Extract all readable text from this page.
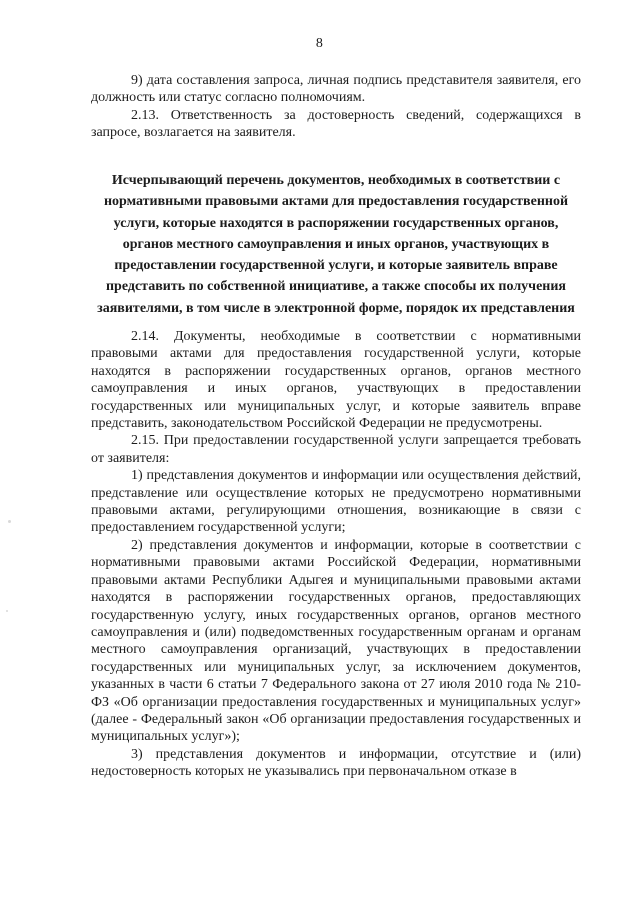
8

9) дата составления запроса, личная подпись представителя заявителя, его должность или статус согласно полномочиям.

2.13. Ответственность за достоверность сведений, содержащихся в запросе, возлагается на заявителя.

Исчерпывающий перечень документов, необходимых в соответствии с нормативными правовыми актами для предоставления государственной услуги, которые находятся в распоряжении государственных органов, органов местного самоуправления и иных органов, участвующих в предоставлении государственной услуги, и которые заявитель вправе представить по собственной инициативе, а также способы их получения заявителями, в том числе в электронной форме, порядок их представления

2.14. Документы, необходимые в соответствии с нормативными правовыми актами для предоставления государственной услуги, которые находятся в распоряжении государственных органов, органов местного самоуправления и иных органов, участвующих в предоставлении государственных или муниципальных услуг, и которые заявитель вправе представить, законодательством Российской Федерации не предусмотрены.

2.15. При предоставлении государственной услуги запрещается требовать от заявителя:

1) представления документов и информации или осуществления действий, представление или осуществление которых не предусмотрено нормативными правовыми актами, регулирующими отношения, возникающие в связи с предоставлением государственной услуги;

2) представления документов и информации, которые в соответствии с нормативными правовыми актами Российской Федерации, нормативными правовыми актами Республики Адыгея и муниципальными правовыми актами находятся в распоряжении государственных органов, предоставляющих государственную услугу, иных государственных органов, органов местного самоуправления и (или) подведомственных государственным органам и органам местного самоуправления организаций, участвующих в предоставлении государственных или муниципальных услуг, за исключением документов, указанных в части 6 статьи 7 Федерального закона от 27 июля 2010 года № 210-ФЗ «Об организации предоставления государственных и муниципальных услуг» (далее - Федеральный закон «Об организации предоставления государственных и муниципальных услуг»);

3) представления документов и информации, отсутствие и (или) недостоверность которых не указывались при первоначальном отказе в
